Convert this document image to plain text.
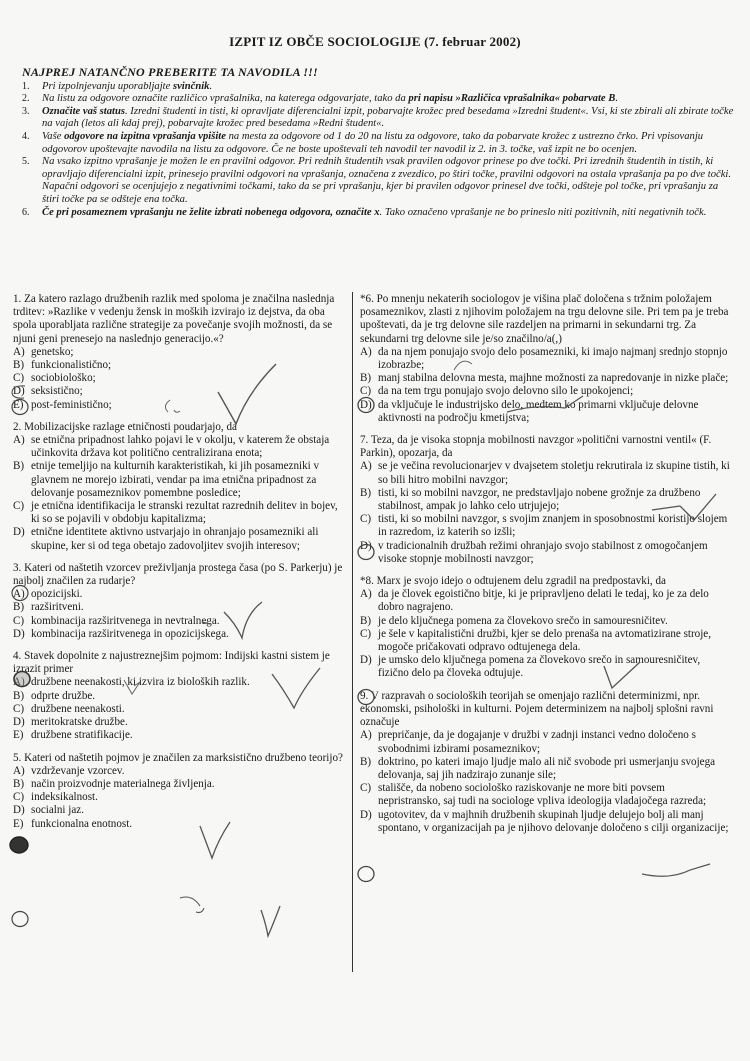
IZPIT IZ OBČE SOCIOLOGIJE (7. februar 2002)
NAJPREJ NATANČNO PREBERITE TA NAVODILA !!!
1.	Pri izpolnjevanju uporabljajte svinčnik.
2.	Na listu za odgovore označite različico vprašalnika, na katerega odgovarjate, tako da pri napisu »Različica vprašalnika« pobarvate B.
3.	Označite vaš status. Izredni študenti in tisti, ki opravljate diferencialni izpit, pobarvajte krožec pred besedama »Izredni študent«. Vsi, ki ste zbirali ali zbirate točke na vajah (letos ali kdaj prej), pobarvajte krožec pred besedama »Redni študent«.
4.	Vaše odgovore na izpitna vprašanja vpišite na mesta za odgovore od 1 do 20 na listu za odgovore, tako da pobarvate krožec z ustrezno črko. Pri vpisovanju odgovorov upoštevajte navodila na listu za odgovore. Če ne boste upoštevali teh navodil ter navodil iz 2. in 3. točke, vaš izpit ne bo ocenjen.
5.	Na vsako izpitno vprašanje je možen le en pravilni odgovor. Pri rednih študentih vsak pravilen odgovor prinese po dve točki. Pri izrednih študentih in tistih, ki opravljajo diferencialni izpit, prinesejo pravilni odgovori na vprašanja, označena z zvezdico, po štiri točke, pravilni odgovori na ostala vprašanja pa po dve točki. Napačni odgovori se ocenjujejo z negativnimi točkami, tako da se pri vprašanju, kjer bi pravilen odgovor prinesel dve točki, odšteje pol točke, pri vprašanju za štiri točke pa se odšteje ena točka.
6.	Če pri posameznem vprašanju ne želite izbrati nobenega odgovora, označite x. Tako označeno vprašanje ne bo prineslo niti pozitivnih, niti negativnih točk.
1. Za katero razlago družbenih razlik med spoloma je značilna naslednja trditev: »Razlike v vedenju žensk in moških izvirajo iz dejstva, da oba spola uporabljata različne strategije za povečanje svojih možnosti, da se njuni geni prenesejo na naslednjo generacijo.«?
A) genetsko;
B) funkcionalistično;
C) sociobiološko;
D) seksistično;
E) post-feministično;
2. Mobilizacijske razlage etničnosti poudarjajo, da
A) se etnična pripadnost lahko pojavi le v okolju, v katerem že obstaja učinkovita država kot politično centralizirana enota;
B) etnije temeljijo na kulturnih karakteristikah, ki jih posamezniki v glavnem ne morejo izbirati, vendar pa ima etnična pripadnost za delovanje posameznikov pomembne posledice;
C) je etnična identifikacija le stranski rezultat razrednih delitev in bojev, ki so se pojavili v obdobju kapitalizma;
D) etnične identitete aktivno ustvarjajo in ohranjajo posamezniki ali skupine, ker si od tega obetajo zadovoljitev svojih interesov;
3. Kateri od naštetih vzorcev preživljanja prostega časa (po S. Parkerju) je najbolj značilen za rudarje?
A) opozicijski.
B) razširitveni.
C) kombinacija razširitvenega in nevtralnega.
D) kombinacija razširitvenega in opozicijskega.
4. Stavek dopolnite z najustreznejšim pojmom: Indijski kastni sistem je izrazit primer
A) družbene neenakosti, ki izvira iz bioloških razlik.
B) odprte družbe.
C) družbene neenakosti.
D) meritokratske družbe.
E) družbene stratifikacije.
5. Kateri od naštetih pojmov je značilen za marksistično družbeno teorijo?
A) vzdrževanje vzorcev.
B) način proizvodnje materialnega življenja.
C) indeksikalnost.
D) socialni jaz.
E) funkcionalna enotnost.
*6. Po mnenju nekaterih sociologov je višina plač določena s tržnim položajem posameznikov, zlasti z njihovim položajem na trgu delovne sile. Pri tem pa je treba upoštevati, da je trg delovne sile razdeljen na primarni in sekundarni trg. Za sekundarni trg delovne sile je/so značilno/a(,)
A) da na njem ponujajo svojo delo posamezniki, ki imajo najmanj srednjo stopnjo izobrazbe;
B) manj stabilna delovna mesta, majhne možnosti za napredovanje in nizke plače;
C) da na tem trgu ponujajo svojo delovno silo le upokojenci;
D) da vključuje le industrijsko delo, medtem ko primarni vključuje delovne aktivnosti na področju kmetijstva;
7. Teza, da je visoka stopnja mobilnosti navzgor »politični varnostni ventil« (F. Parkin), opozarja, da
A) se je večina revolucionarjev v dvajsetem stoletju rekrutirala iz skupine tistih, ki so bili hitro mobilni navzgor;
B) tisti, ki so mobilni navzgor, ne predstavljajo nobene grožnje za družbeno stabilnost, ampak jo lahko celo utrjujejo;
C) tisti, ki so mobilni navzgor, s svojim znanjem in sposobnostmi koristijo slojem in razredom, iz katerih so izšli;
D) v tradicionalnih družbah režimi ohranjajo svojo stabilnost z omogočanjem visoke stopnje mobilnosti navzgor;
*8. Marx je svojo idejo o odtujenem delu zgradil na predpostavki, da
A) da je človek egoistično bitje, ki je pripravljeno delati le tedaj, ko je za delo dobro nagrajeno.
B) je delo ključnega pomena za človekovo srečo in samouresničitev.
C) je šele v kapitalistični družbi, kjer se delo prenaša na avtomatizirane stroje, mogoče pričakovati odpravo odtujenega dela.
D) je umsko delo ključnega pomena za človekovo srečo in samouresničitev, fizično delo pa človeka odtujuje.
9. V razpravah o socioloških teorijah se omenjajo različni determinizmi, npr. ekonomski, psihološki in kulturni. Pojem determinizem na najbolj splošni ravni označuje
A) prepričanje, da je dogajanje v družbi v zadnji instanci vedno določeno s svobodnimi izbirami posameznikov;
B) doktrino, po kateri imajo ljudje malo ali nič svobode pri usmerjanju svojega delovanja, saj jih nadzirajo zunanje sile;
C) stališče, da nobeno sociološko raziskovanje ne more biti povsem nepristransko, saj tudi na sociologe vpliva ideologija vladajočega razreda;
D) ugotovitev, da v majhnih družbenih skupinah ljudje delujejo bolj ali manj spontano, v organizacijah pa je njihovo delovanje določeno s cilji organizacije;
